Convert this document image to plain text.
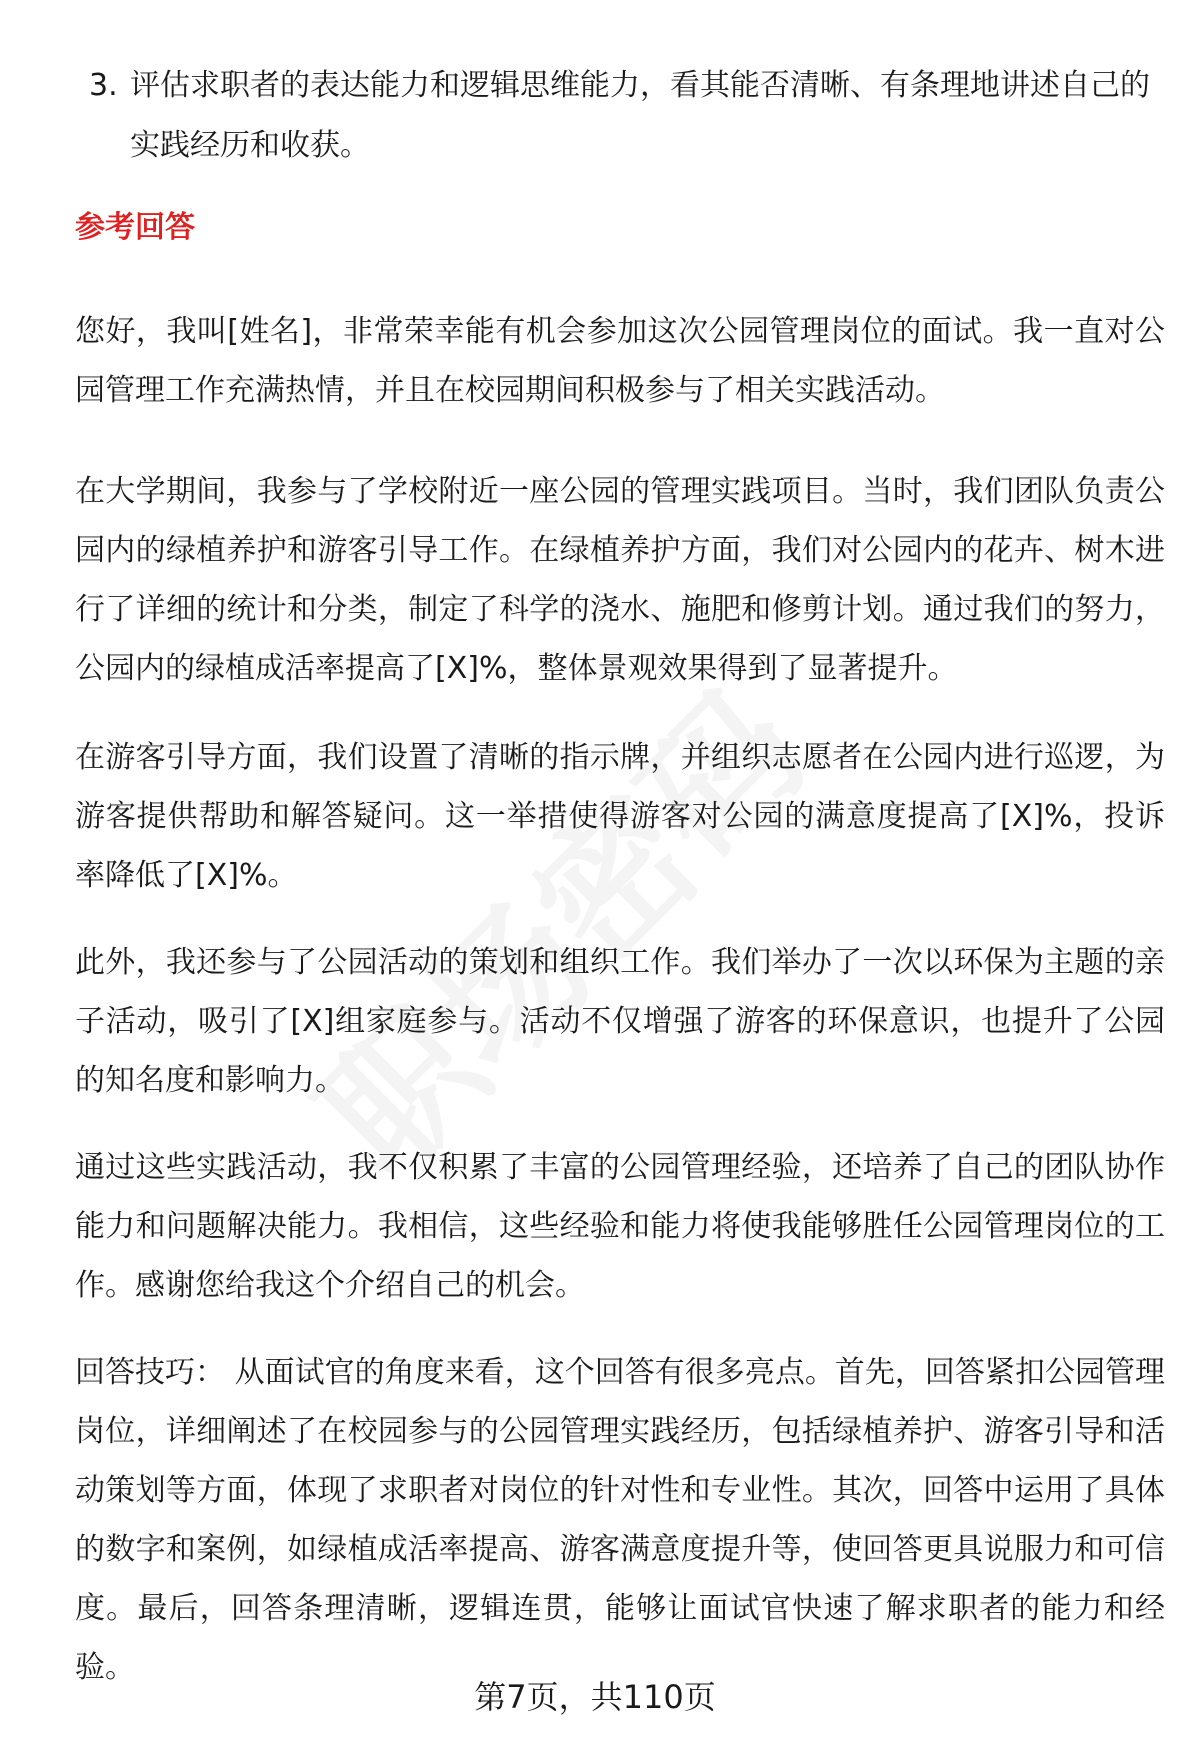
3. 评估求职者的表达能力和逻辑思维能力，看其能否清晰、有条理地讲述自己的实践经历和收获。
参考回答

您好，我叫[姓名]，非常荣幸能有机会参加这次公园管理岗位的面试。我一直对公园管理工作充满热情，并且在校园期间积极参与了相关实践活动。

在大学期间，我参与了学校附近一座公园的管理实践项目。当时，我们团队负责公园内的绿植养护和游客引导工作。在绿植养护方面，我们对公园内的花卉、树木进行了详细的统计和分类，制定了科学的浇水、施肥和修剪计划。通过我们的努力，公园内的绿植成活率提高了[X]%，整体景观效果得到了显著提升。

在游客引导方面，我们设置了清晰的指示牌，并组织志愿者在公园内进行巡逻，为游客提供帮助和解答疑问。这一举措使得游客对公园的满意度提高了[X]%，投诉率降低了[X]%。

此外，我还参与了公园活动的策划和组织工作。我们举办了一次以环保为主题的亲子活动，吸引了[X]组家庭参与。活动不仅增强了游客的环保意识，也提升了公园的知名度和影响力。

通过这些实践活动，我不仅积累了丰富的公园管理经验，还培养了自己的团队协作能力和问题解决能力。我相信，这些经验和能力将使我能够胜任公园管理岗位的工作。感谢您给我这个介绍自己的机会。

回答技巧： 从面试官的角度来看，这个回答有很多亮点。首先，回答紧扣公园管理岗位，详细阐述了在校园参与的公园管理实践经历，包括绿植养护、游客引导和活动策划等方面，体现了求职者对岗位的针对性和专业性。其次，回答中运用了具体的数字和案例，如绿植成活率提高、游客满意度提升等，使回答更具说服力和可信度。最后，回答条理清晰，逻辑连贯，能够让面试官快速了解求职者的能力和经验。

第7页，共110页
